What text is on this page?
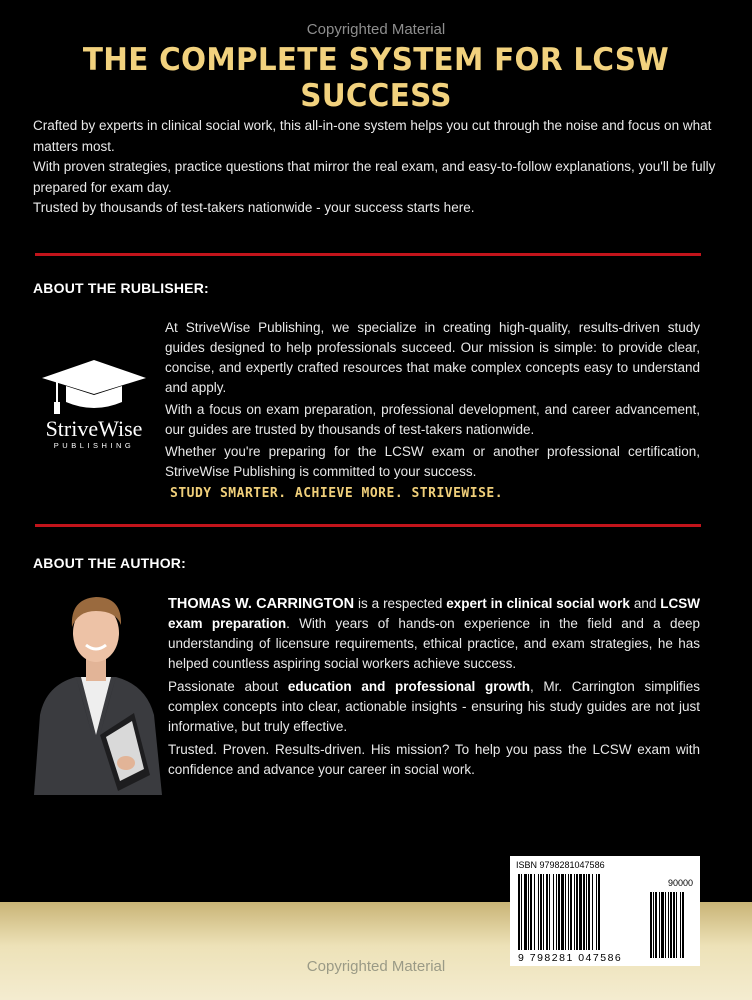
Copyrighted Material
THE COMPLETE SYSTEM FOR LCSW SUCCESS

Crafted by experts in clinical social work, this all-in-one system helps you cut through the noise and focus on what matters most.

With proven strategies, practice questions that mirror the real exam, and easy-to-follow explanations, you'll be fully prepared for exam day.

Trusted by thousands of test-takers nationwide - your success starts here.

ABOUT THE RUBLISHER:
StriveWise
PUBLISHING

At StriveWise Publishing, we specialize in creating high-quality, results-driven study guides designed to help professionals succeed. Our mission is simple: to provide clear, concise, and expertly crafted resources that make complex concepts easy to understand and apply.

With a focus on exam preparation, professional development, and career advancement, our guides are trusted by thousands of test-takers nationwide.

Whether you're preparing for the LCSW exam or another professional certification, StriveWise Publishing is committed to your success.

STUDY SMARTER. ACHIEVE MORE. STRIVEWISE.
ABOUT THE AUTHOR:

THOMAS W. CARRINGTON is a respected expert in clinical social work and LCSW exam preparation. With years of hands-on experience in the field and a deep understanding of licensure requirements, ethical practice, and exam strategies, he has helped countless aspiring social workers achieve success.

Passionate about education and professional growth, Mr. Carrington simplifies complex concepts into clear, actionable insights - ensuring his study guides are not just informative, but truly effective.

Trusted. Proven. Results-driven. His mission? To help you pass the LCSW exam with confidence and advance your career in social work.

Copyrighted Material
ISBN 9798281047586
90000
9 798281 047586
